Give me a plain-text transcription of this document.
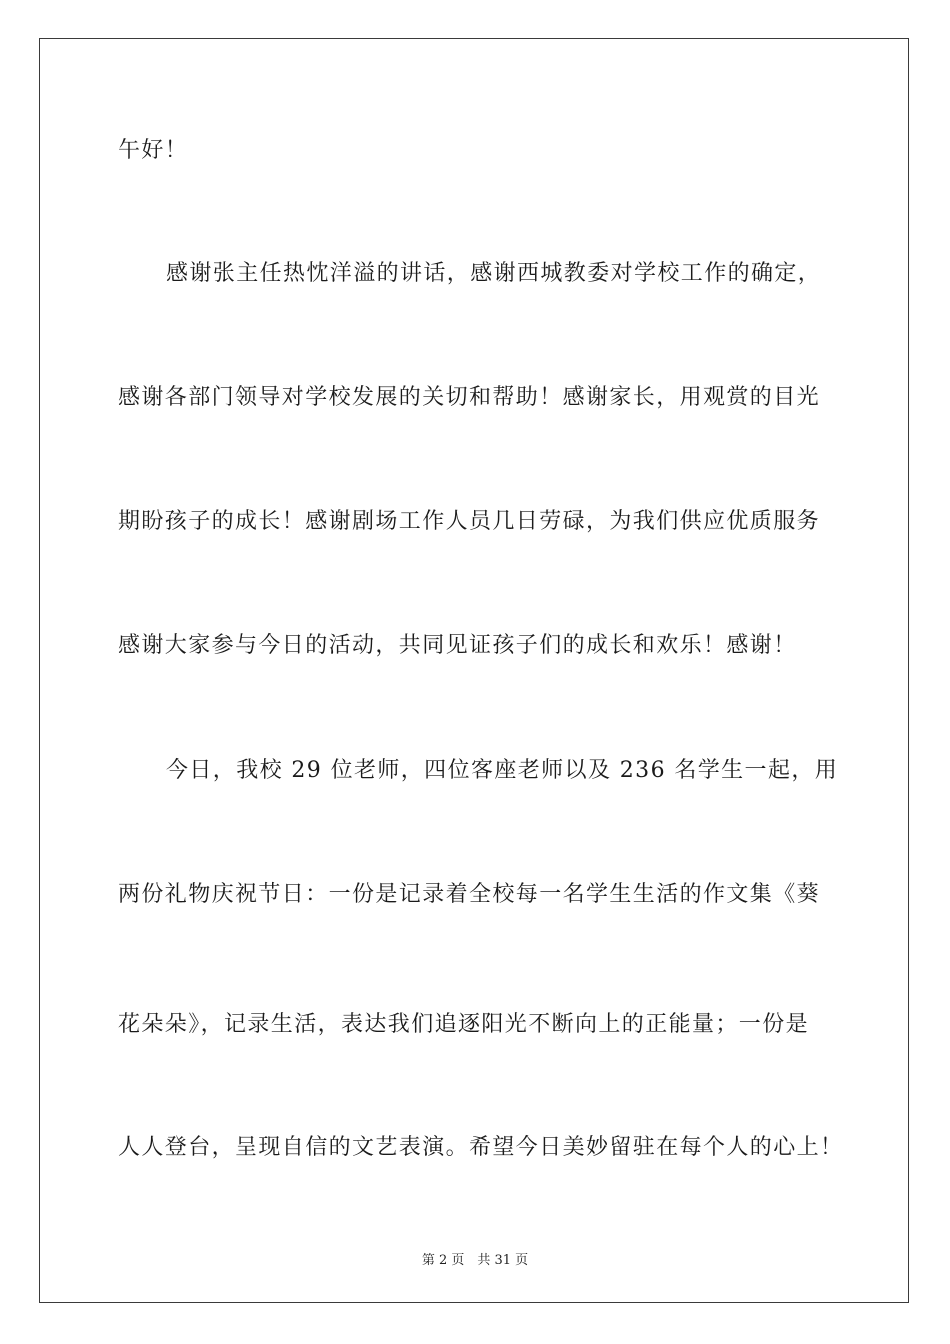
午好！

感谢张主任热忱洋溢的讲话，感谢西城教委对学校工作的确定，

感谢各部门领导对学校发展的关切和帮助！感谢家长，用观赏的目光

期盼孩子的成长！感谢剧场工作人员几日劳碌，为我们供应优质服务

感谢大家参与今日的活动，共同见证孩子们的成长和欢乐！感谢！

今日，我校 29 位老师，四位客座老师以及 236 名学生一起，用

两份礼物庆祝节日：一份是记录着全校每一名学生生活的作文集《葵

花朵朵》，记录生活，表达我们追逐阳光不断向上的正能量；一份是

人人登台，呈现自信的文艺表演。希望今日美妙留驻在每个人的心上！

第 2 页　共 31 页
